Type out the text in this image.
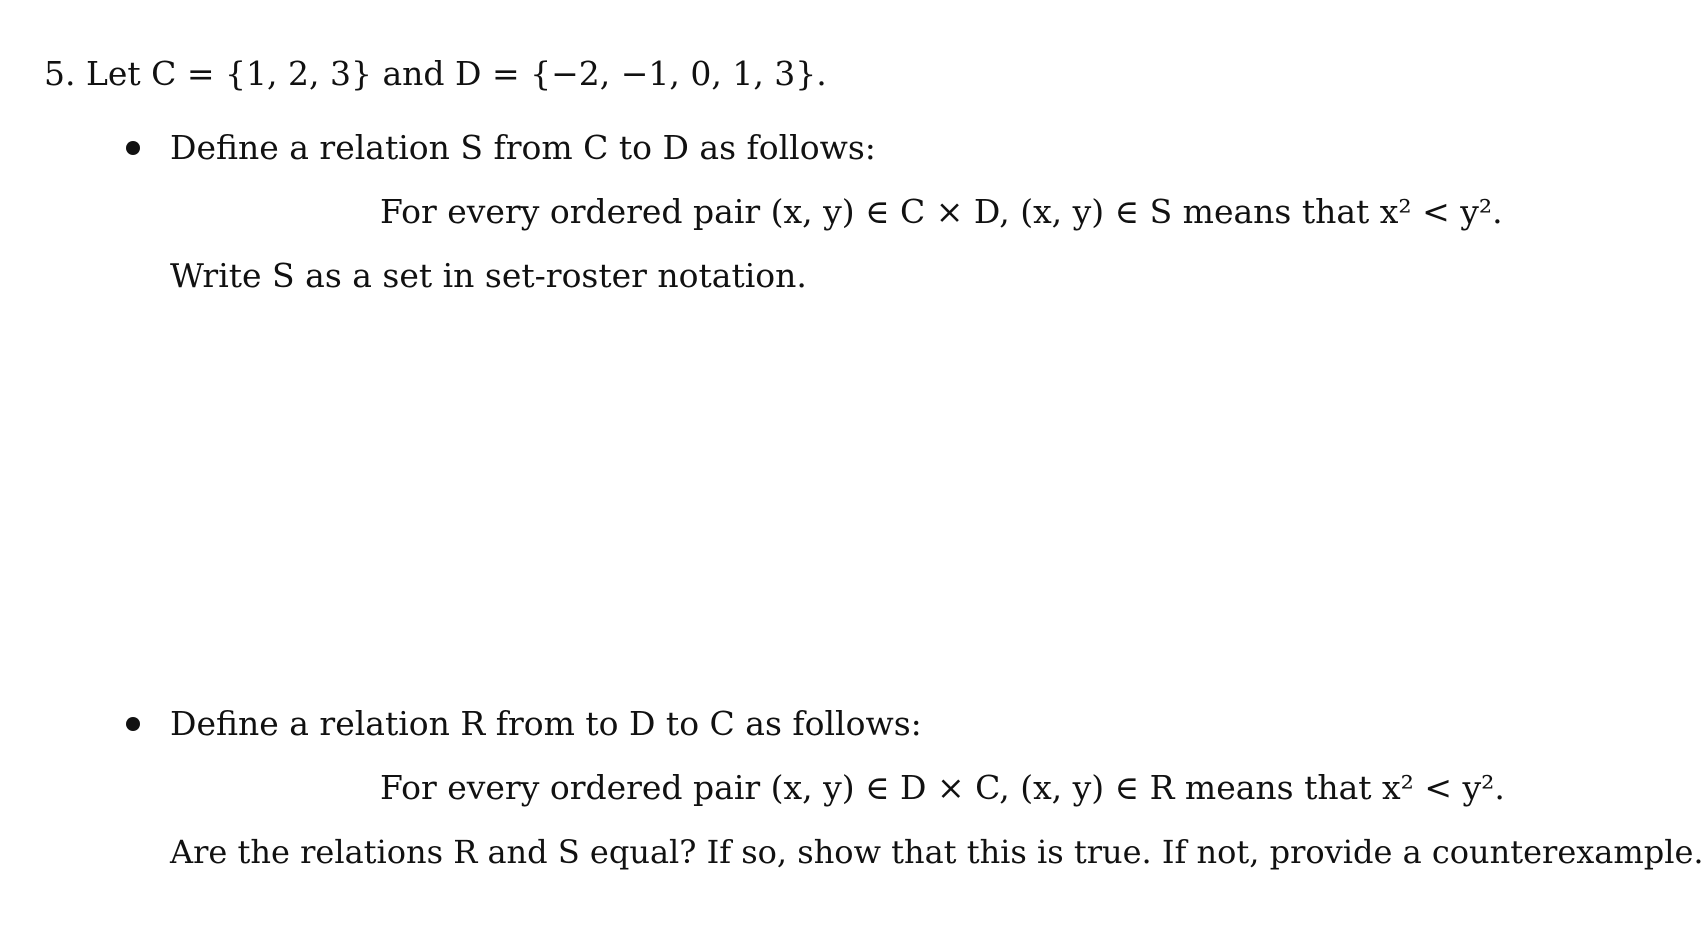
5. Let C = {1, 2, 3} and D = {−2, −1, 0, 1, 3}.
Define a relation S from C to D as follows:
For every ordered pair (x, y) ∈ C × D, (x, y) ∈ S means that x² < y².
Write S as a set in set-roster notation.
Define a relation R from to D to C as follows:
For every ordered pair (x, y) ∈ D × C, (x, y) ∈ R means that x² < y².
Are the relations R and S equal? If so, show that this is true. If not, provide a counterexample.
